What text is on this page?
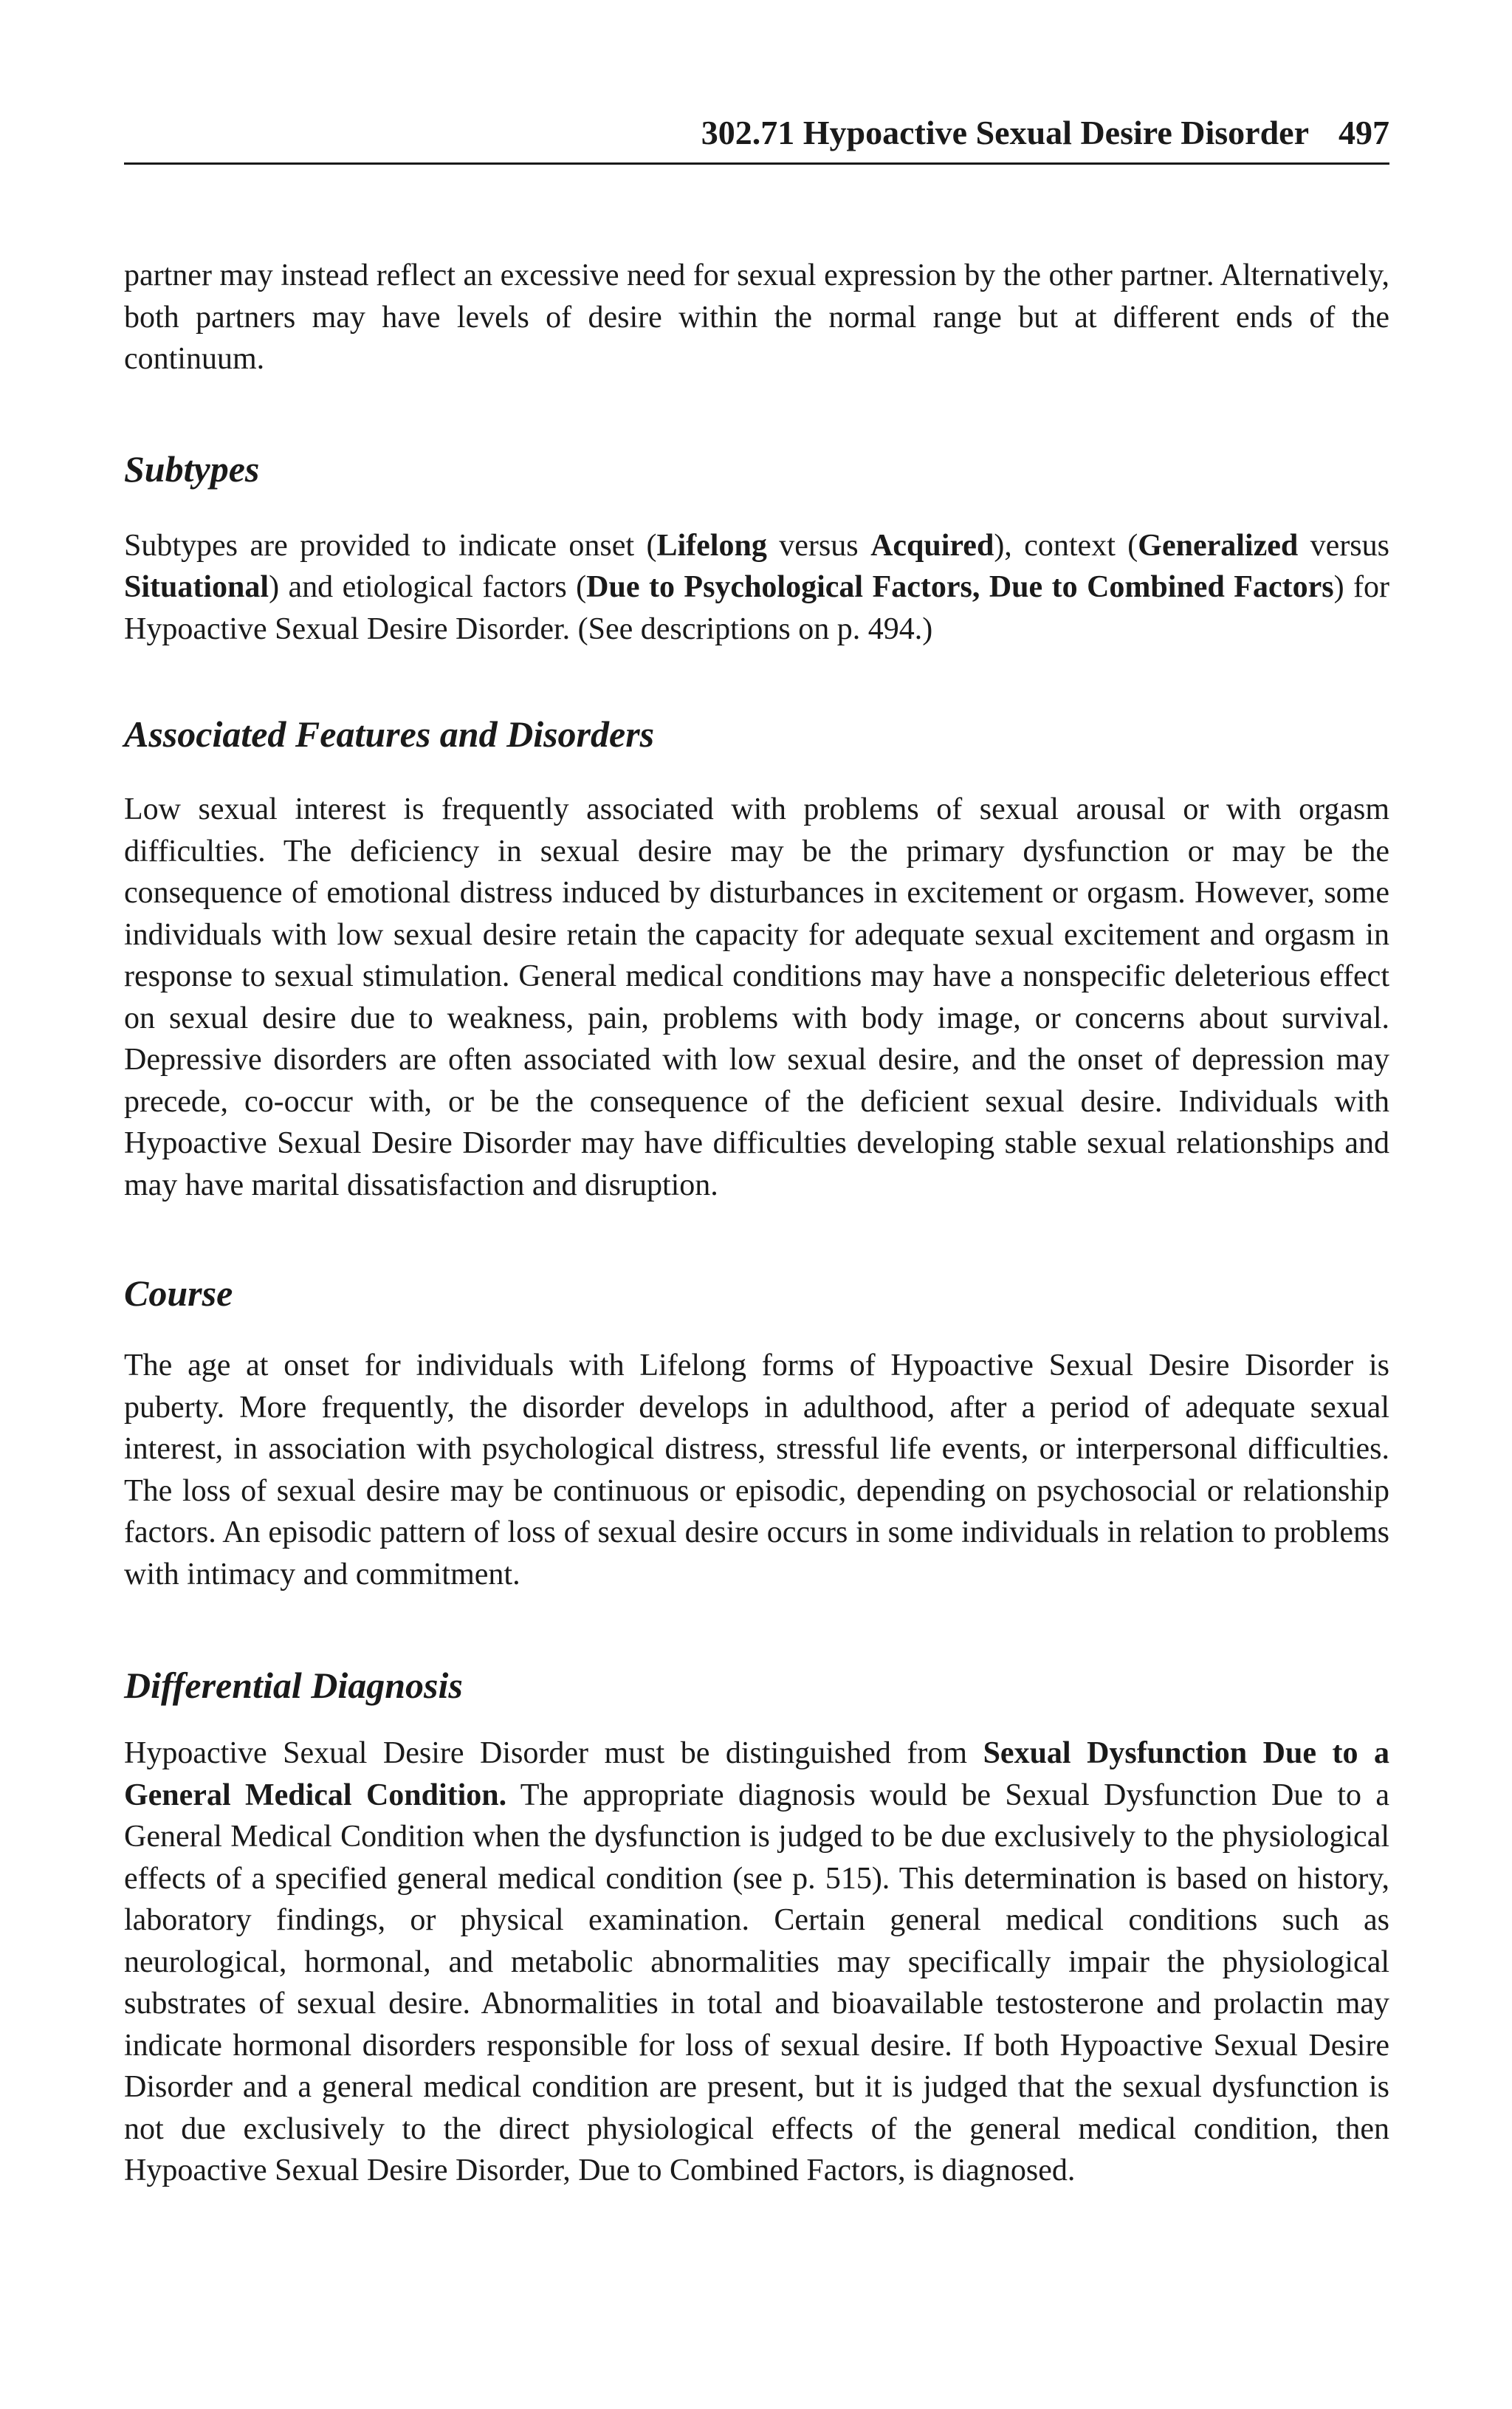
302.71 Hypoactive Sexual Desire Disorder 497

partner may instead reflect an excessive need for sexual expression by the other partner. Alternatively, both partners may have levels of desire within the normal range but at different ends of the continuum.

Subtypes

Subtypes are provided to indicate onset (Lifelong versus Acquired), context (Generalized versus Situational) and etiological factors (Due to Psychological Factors, Due to Combined Factors) for Hypoactive Sexual Desire Disorder. (See descriptions on p. 494.)

Associated Features and Disorders

Low sexual interest is frequently associated with problems of sexual arousal or with orgasm difficulties. The deficiency in sexual desire may be the primary dysfunction or may be the consequence of emotional distress induced by disturbances in excitement or orgasm. However, some individuals with low sexual desire retain the capacity for adequate sexual excitement and orgasm in response to sexual stimulation. General medical conditions may have a nonspecific deleterious effect on sexual desire due to weakness, pain, problems with body image, or concerns about survival. Depressive disorders are often associated with low sexual desire, and the onset of depression may precede, co-occur with, or be the consequence of the deficient sexual desire. Individuals with Hypoactive Sexual Desire Disorder may have difficulties developing stable sexual relationships and may have marital dissatisfaction and disruption.

Course

The age at onset for individuals with Lifelong forms of Hypoactive Sexual Desire Disorder is puberty. More frequently, the disorder develops in adulthood, after a period of adequate sexual interest, in association with psychological distress, stressful life events, or interpersonal difficulties. The loss of sexual desire may be continuous or episodic, depending on psychosocial or relationship factors. An episodic pattern of loss of sexual desire occurs in some individuals in relation to problems with intimacy and commitment.

Differential Diagnosis

Hypoactive Sexual Desire Disorder must be distinguished from Sexual Dysfunction Due to a General Medical Condition. The appropriate diagnosis would be Sexual Dysfunction Due to a General Medical Condition when the dysfunction is judged to be due exclusively to the physiological effects of a specified general medical condition (see p. 515). This determination is based on history, laboratory findings, or physical examination. Certain general medical conditions such as neurological, hormonal, and metabolic abnormalities may specifically impair the physiological substrates of sexual desire. Abnormalities in total and bioavailable testosterone and prolactin may indicate hormonal disorders responsible for loss of sexual desire. If both Hypoactive Sexual Desire Disorder and a general medical condition are present, but it is judged that the sexual dysfunction is not due exclusively to the direct physiological effects of the general medical condition, then Hypoactive Sexual Desire Disorder, Due to Combined Factors, is diagnosed.
